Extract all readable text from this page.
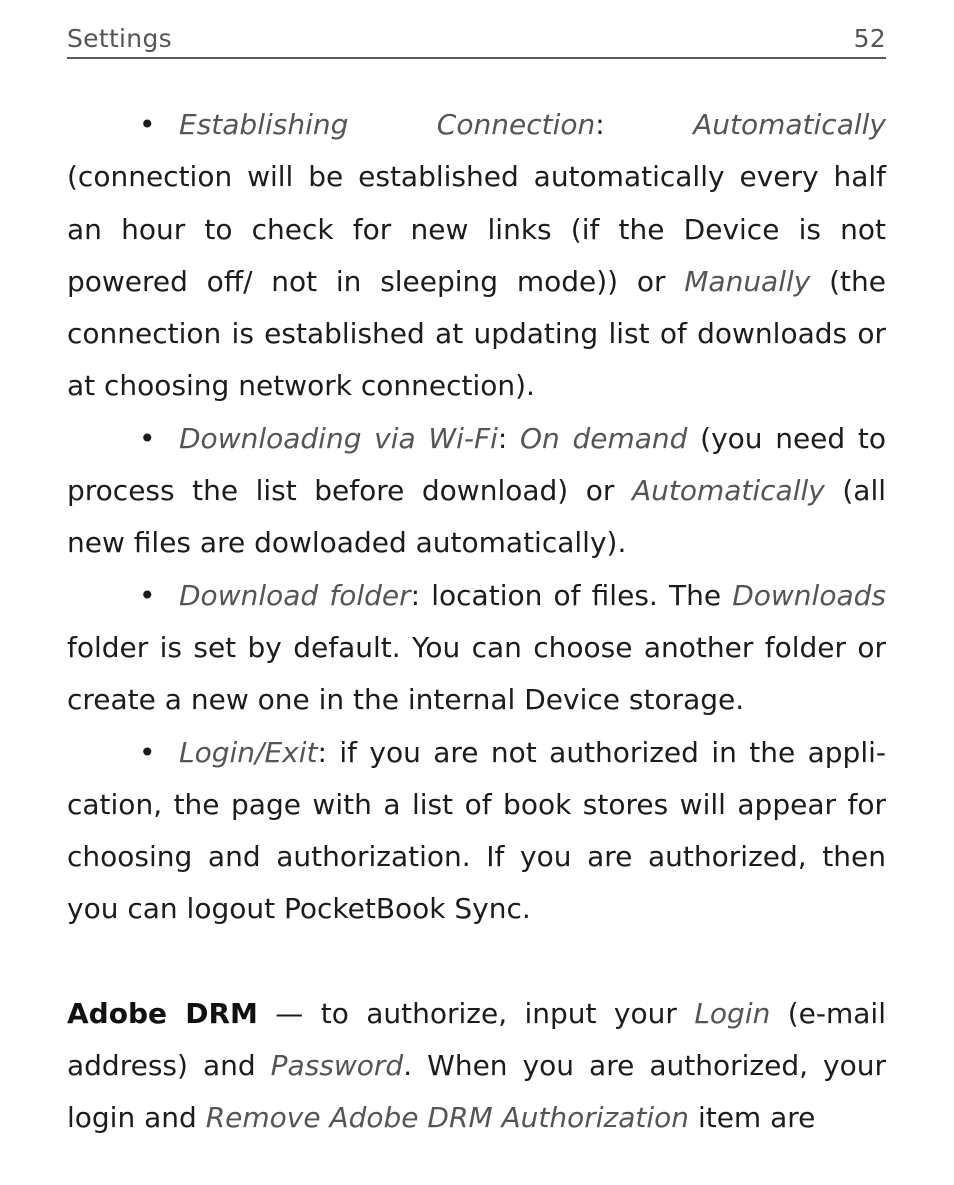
Settings	52

• Establishing Connection: Automatically (connection will be established automatically every half an hour to check for new links (if the Device is not powered off/ not in sleeping mode)) or Manually (the connection is established at updating list of downloads or at choosing network connection).

• Downloading via Wi-Fi: On demand (you need to process the list before download) or Automatically (all new files are dowloaded automatically).

• Download folder: location of files. The Downloads folder is set by default. You can choose another folder or create a new one in the internal Device storage.

• Login/Exit: if you are not authorized in the application, the page with a list of book stores will appear for choosing and authorization. If you are authorized, then you can logout PocketBook Sync.

Adobe DRM — to authorize, input your Login (e-mail address) and Password. When you are authorized, your login and Remove Adobe DRM Authorization item are
